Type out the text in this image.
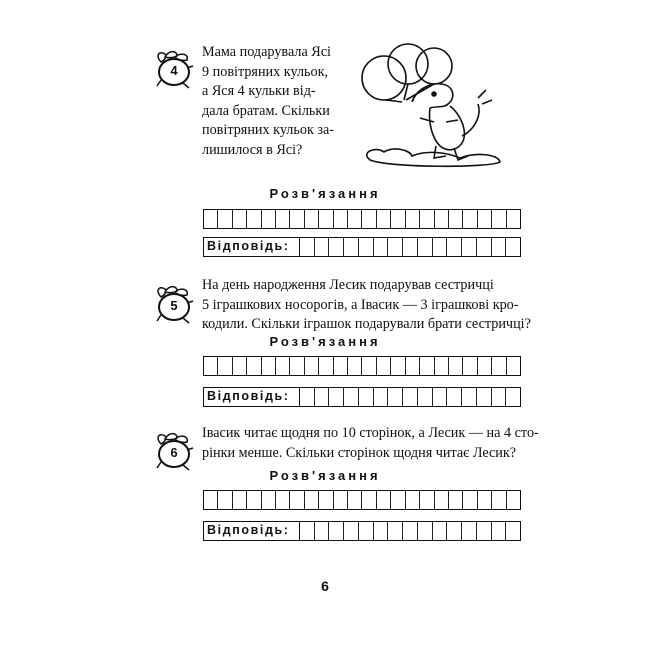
4
Мама подарувала Ясі
9 повітряних кульок,
а Яся 4 кульки від-
дала братам. Скільки
повітряних кульок за-
лишилося в Ясі?
Розв'язання
Відповідь:
5
На день народження Лесик подарував сестричці
5 іграшкових носорогів, а Івасик — 3 іграшкові кро-
кодили. Скільки іграшок подарували брати сестричці?
Розв'язання
Відповідь:
6
Івасик читає щодня по 10 сторінок, а Лесик — на 4 сто-
рінки менше. Скільки сторінок щодня читає Лесик?
Розв'язання
Відповідь:
6
